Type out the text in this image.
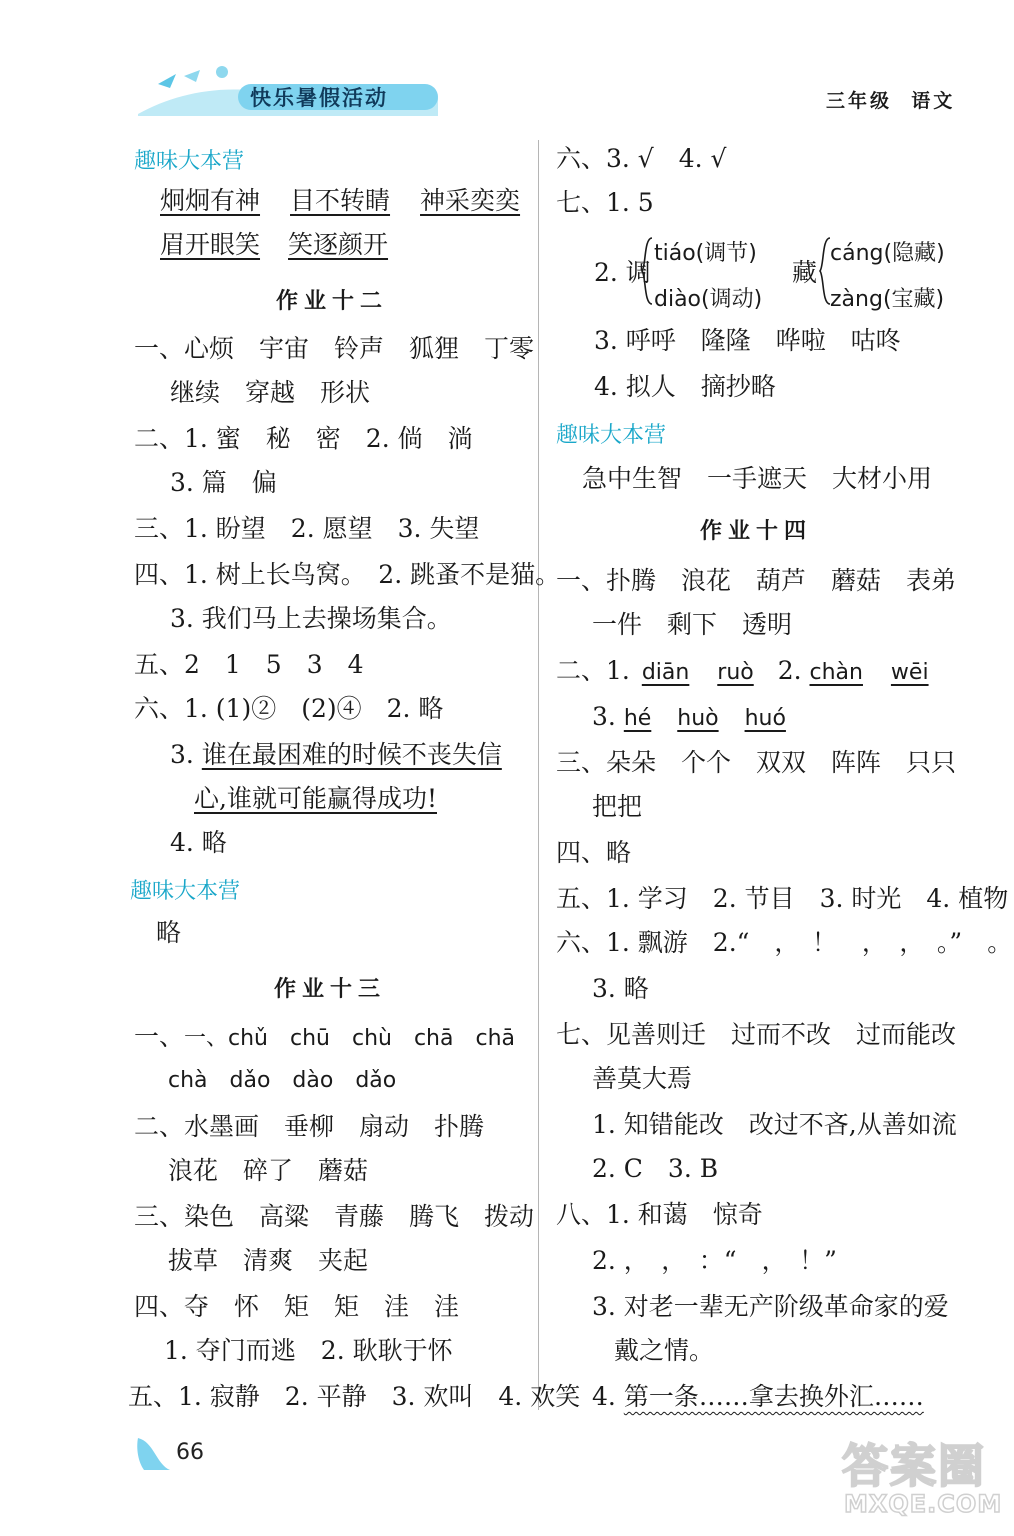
快乐暑假活动	三年级  语文
趣味大本营
炯炯有神 目不转睛 神采奕奕
眉开眼笑 笑逐颜开
作业十二
一、心烦　宇宙　铃声　狐狸　丁零
继续　穿越　形状
二、1. 蜜　秘　密　2. 倘　淌
3. 篇　偏
三、1. 盼望　2. 愿望　3. 失望
四、1. 树上长鸟窝。　2. 跳蚤不是猫。
3. 我们马上去操场集合。
五、2　1　5　3　4
六、1. (1)②　(2)④　2. 略
3. 谁在最困难的时候不丧失信
心,谁就可能赢得成功!
4. 略
趣味大本营
略
作业十三
一、一、chǔ　chū　chù　chā　chā
chà　dǎo　dào　dǎo
二、水墨画　垂柳　扇动　扑腾
浪花　碎了　蘑菇
三、染色　高粱　青藤　腾飞　拨动
拔草　清爽　夹起
四、夺　怀　矩　矩　洼　洼
1. 夺门而逃　2. 耿耿于怀
五、1. 寂静　2. 平静　3. 欢叫　4. 欢笑
六、3. √　4. √
七、1. 5
2. 调
tiáo(调节)
diào(调动)
藏
cáng(隐藏)
zàng(宝藏)
3. 呼呼　隆隆　哗啦　咕咚
4. 拟人　摘抄略
趣味大本营
急中生智　一手遮天　大材小用
作业十四
一、扑腾　浪花　葫芦　蘑菇　表弟
一件　剩下　透明
二、1. diān ruò 2. chàn wēi
3. hé huò huó
三、朵朵　个个　双双　阵阵　只只
把把
四、略
五、1. 学习　2. 节目　3. 时光　4. 植物
六、1. 飘游　2.“　，　！　，　，　。”　。
3. 略
七、见善则迁　过而不改　过而能改
善莫大焉
1. 知错能改　改过不吝,从善如流
2. C　3. B
八、1. 和蔼　惊奇
2. ，　，　：“　，　！”
3. 对老一辈无产阶级革命家的爱
戴之情。
4. 第一条……拿去换外汇……
66	答案圈
MXQE.COM
